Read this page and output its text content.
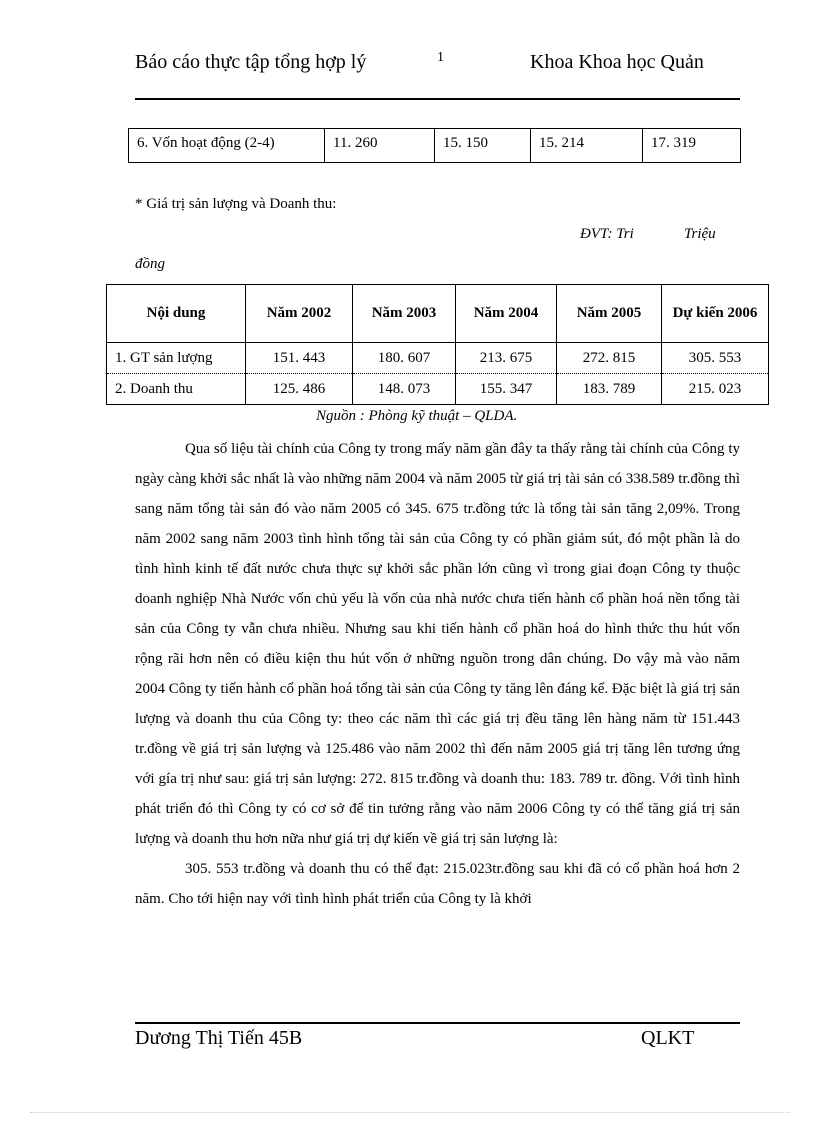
Báo cáo thực tập tổng hợp lý	1	Khoa Khoa học Quản
6. Vốn hoạt động (2-4)	11. 260	15. 150	15. 214	17. 319
* Giá trị sản lượng và Doanh thu:
ĐVT: Tri	Triệu
đồng
Nội dung	Năm 2002	Năm 2003	Năm 2004	Năm 2005	Dự kiến 2006
1. GT sản lượng	151. 443	180. 607	213. 675	272. 815	305. 553
2. Doanh thu	125. 486	148. 073	155. 347	183. 789	215. 023
Nguồn : Phòng kỹ thuật – QLDA.

Qua số liệu tài chính của Công ty trong mấy năm gần đây ta thấy rằng tài chính của Công ty ngày càng khởi sắc nhất là vào những năm 2004 và năm 2005 từ giá trị tài sản có 338.589 tr.đồng thì sang năm tổng tài sản đó vào năm 2005 có 345. 675 tr.đồng tức là tổng tài sản tăng 2,09%. Trong năm 2002 sang năm 2003 tình hình tổng tài sản của Công ty có phần giảm sút, đó một phần là do tình hình kinh tế đất nước chưa thực sự khởi sắc phần lớn cũng vì trong giai đoạn Công ty thuộc doanh nghiệp Nhà Nước vốn chủ yếu là vốn của nhà nước chưa tiến hành cổ phần hoá nền tổng tài sản của Công ty vẫn chưa nhiều. Nhưng sau khi tiến hành cổ phần hoá do hình thức thu hút vốn rộng rãi hơn nên có điều kiện thu hút vốn ở những nguồn trong dân chúng. Do vậy mà vào năm 2004 Công ty tiến hành cổ phần hoá tổng tài sản của Công ty tăng lên đáng kể. Đặc biệt là giá trị sản lượng và doanh thu của Công ty: theo các năm thì các giá trị đều tăng lên hàng năm từ 151.443 tr.đồng về giá trị sản lượng và 125.486 vào năm 2002 thì đến năm 2005 giá trị tăng lên tương ứng với gía trị như sau: giá trị sản lượng: 272. 815 tr.đồng và doanh thu: 183. 789 tr. đồng. Với tình hình phát triển đó thì Công ty có cơ sở để tin tưởng rằng vào năm 2006 Công ty có thể tăng giá trị sản lượng và doanh thu hơn nữa như giá trị dự kiến về giá trị sản lượng là:

305. 553 tr.đồng và doanh thu có thể đạt: 215.023tr.đồng sau khi đã có cổ phần hoá hơn 2 năm. Cho tới hiện nay với tình hình phát triển của Công ty là khởi

Dương Thị Tiến 45B	QLKT
